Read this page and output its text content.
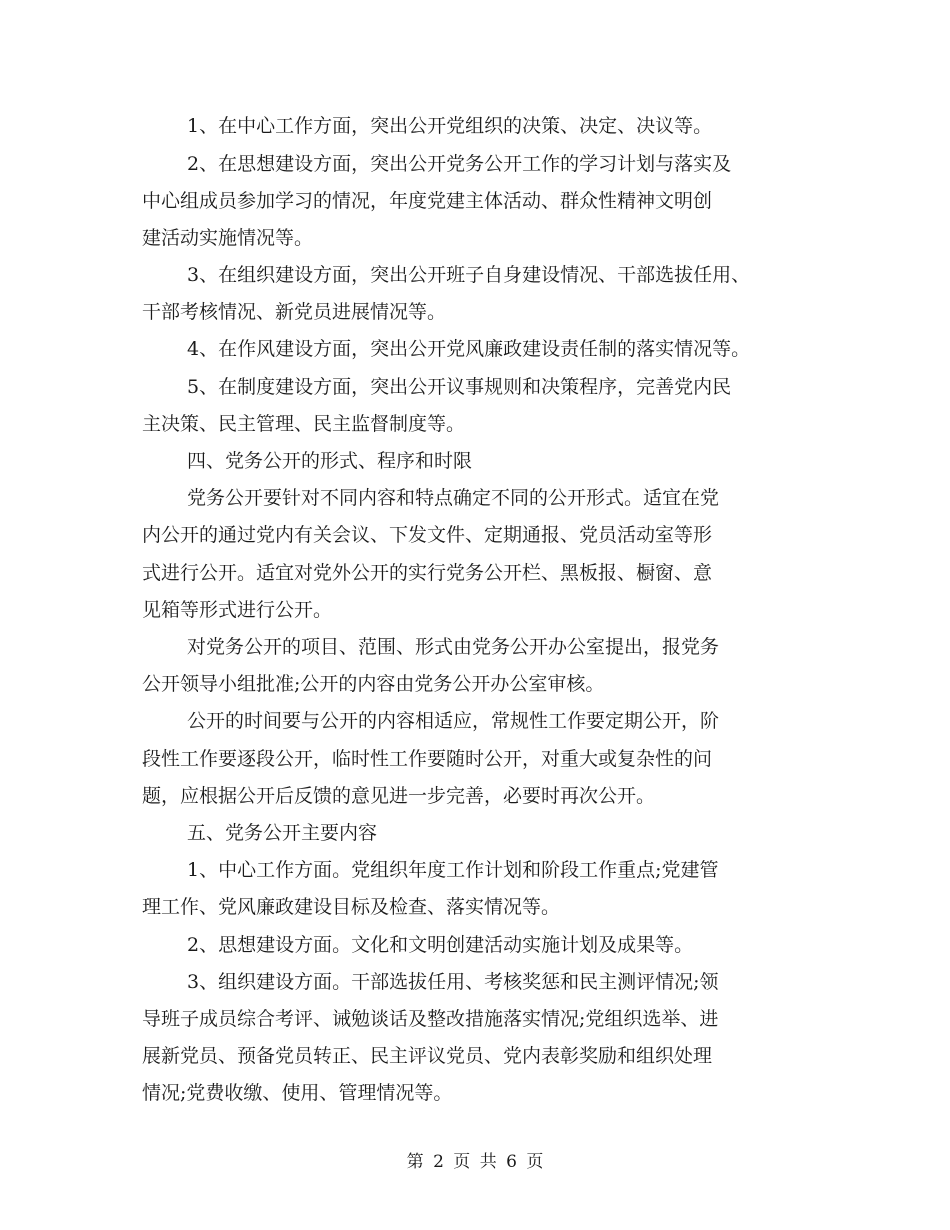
1、在中心工作方面，突出公开党组织的决策、决定、决议等。
2、在思想建设方面，突出公开党务公开工作的学习计划与落实及
中心组成员参加学习的情况，年度党建主体活动、群众性精神文明创
建活动实施情况等。
3、在组织建设方面，突出公开班子自身建设情况、干部选拔任用、
干部考核情况、新党员进展情况等。
4、在作风建设方面，突出公开党风廉政建设责任制的落实情况等。
5、在制度建设方面，突出公开议事规则和决策程序，完善党内民
主决策、民主管理、民主监督制度等。
四、党务公开的形式、程序和时限
党务公开要针对不同内容和特点确定不同的公开形式。适宜在党
内公开的通过党内有关会议、下发文件、定期通报、党员活动室等形
式进行公开。适宜对党外公开的实行党务公开栏、黑板报、橱窗、意
见箱等形式进行公开。
对党务公开的项目、范围、形式由党务公开办公室提出，报党务
公开领导小组批准;公开的内容由党务公开办公室审核。
公开的时间要与公开的内容相适应，常规性工作要定期公开，阶
段性工作要逐段公开，临时性工作要随时公开，对重大或复杂性的问
题，应根据公开后反馈的意见进一步完善，必要时再次公开。
五、党务公开主要内容
1、中心工作方面。党组织年度工作计划和阶段工作重点;党建管
理工作、党风廉政建设目标及检查、落实情况等。
2、思想建设方面。文化和文明创建活动实施计划及成果等。
3、组织建设方面。干部选拔任用、考核奖惩和民主测评情况;领
导班子成员综合考评、诫勉谈话及整改措施落实情况;党组织选举、进
展新党员、预备党员转正、民主评议党员、党内表彰奖励和组织处理
情况;党费收缴、使用、管理情况等。
第 2 页 共 6 页
